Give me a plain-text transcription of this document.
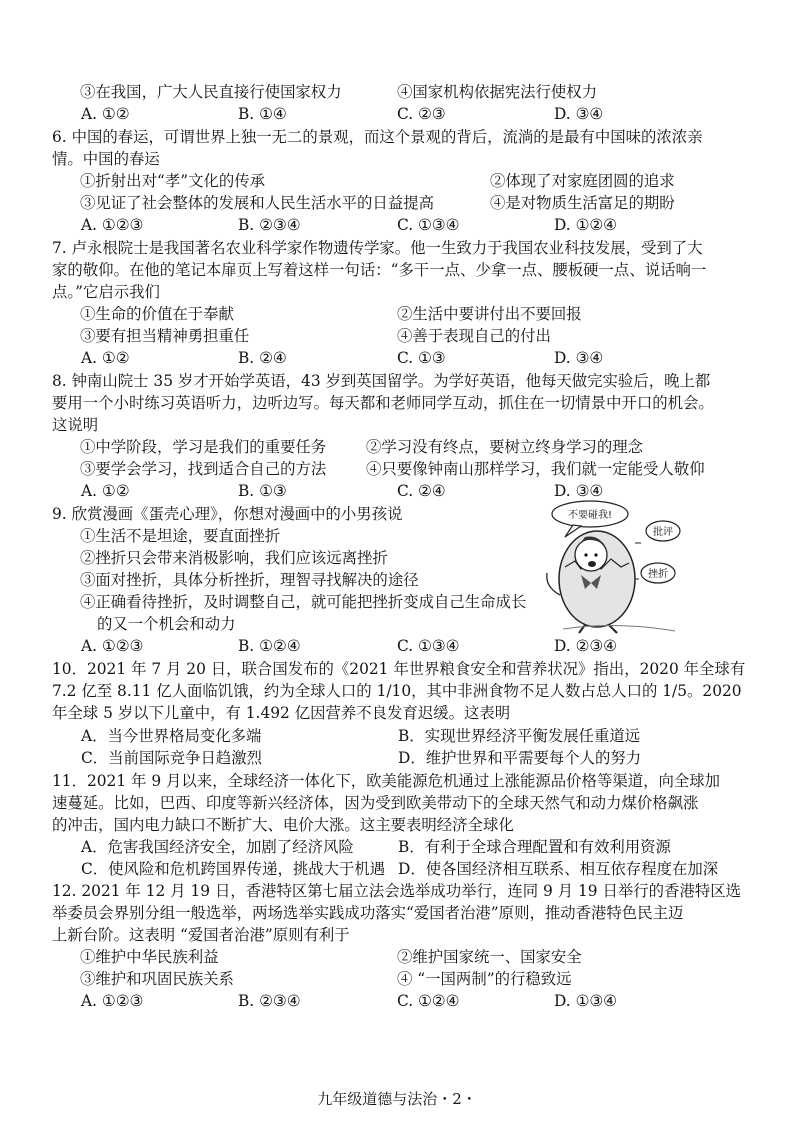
③在我国，广大人民直接行使国家权力	④国家机构依据宪法行使权力
A. ①②	B. ①④	C. ②③	D. ③④
6. 中国的春运，可谓世界上独一无二的景观，而这个景观的背后，流淌的是最有中国味的浓浓亲
情。中国的春运
①折射出对“孝”文化的传承	②体现了对家庭团圆的追求
③见证了社会整体的发展和人民生活水平的日益提高	④是对物质生活富足的期盼
A. ①②③	B. ②③④	C. ①③④	D. ①②④
7. 卢永根院士是我国著名农业科学家作物遗传学家。他一生致力于我国农业科技发展，受到了大
家的敬仰。在他的笔记本扉页上写着这样一句话：“多干一点、少拿一点、腰板硬一点、说话响一
点。”它启示我们
①生命的价值在于奉献	②生活中要讲付出不要回报
③要有担当精神勇担重任	④善于表现自己的付出
A. ①②	B. ②④	C. ①③	D. ③④
8. 钟南山院士 35 岁才开始学英语，43 岁到英国留学。为学好英语，他每天做完实验后，晚上都
要用一个小时练习英语听力，边听边写。每天都和老师同学互动，抓住在一切情景中开口的机会。
这说明
①中学阶段，学习是我们的重要任务	②学习没有终点，要树立终身学习的理念
③要学会学习，找到适合自己的方法	④只要像钟南山那样学习，我们就一定能受人敬仰
A. ①②	B. ①③	C. ②④	D. ③④
9. 欣赏漫画《蛋壳心理》，你想对漫画中的小男孩说
①生活不是坦途，要直面挫折
②挫折只会带来消极影响，我们应该远离挫折
③面对挫折，具体分析挫折，理智寻找解决的途径
④正确看待挫折，及时调整自己，就可能把挫折变成自己生命成长
的又一个机会和动力
A. ①②③	B. ①②④	C. ①③④	D. ②③④
不要碰我!
批评
挫折
10．2021 年 7 月 20 日，联合国发布的《2021 年世界粮食安全和营养状况》指出，2020 年全球有
7.2 亿至 8.11 亿人面临饥饿，约为全球人口的 1/10，其中非洲食物不足人数占总人口的 1/5。2020
年全球 5 岁以下儿童中，有 1.492 亿因营养不良发育迟缓。这表明
A．当今世界格局变化多端	B．实现世界经济平衡发展任重道远
C．当前国际竞争日趋激烈	D．维护世界和平需要每个人的努力
11．2021 年 9 月以来，全球经济一体化下，欧美能源危机通过上涨能源品价格等渠道，向全球加
速蔓延。比如，巴西、印度等新兴经济体，因为受到欧美带动下的全球天然气和动力煤价格飙涨
的冲击，国内电力缺口不断扩大、电价大涨。这主要表明经济全球化
A．危害我国经济安全，加剧了经济风险	B．有利于全球合理配置和有效利用资源
C．使风险和危机跨国界传递，挑战大于机遇 D．使各国经济相互联系、相互依存程度在加深
12. 2021 年 12 月 19 日，香港特区第七届立法会选举成功举行，连同 9 月 19 日举行的香港特区选
举委员会界别分组一般选举，两场选举实践成功落实“爱国者治港”原则，推动香港特色民主迈
上新台阶。这表明 “爱国者治港”原则有利于
①维护中华民族利益	②维护国家统一、国家安全
③维护和巩固民族关系	④ “一国两制”的行稳致远
A. ①②③	B. ②③④	C. ①②④	D. ①③④
九年级道德与法治・2・
